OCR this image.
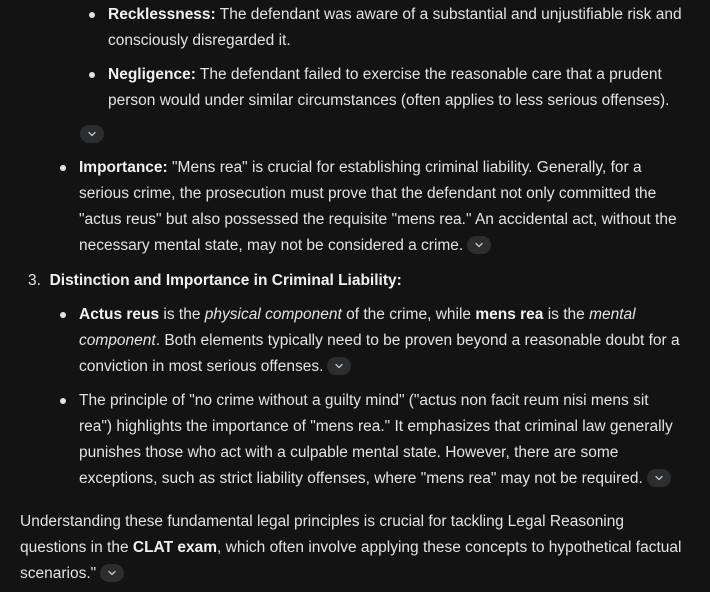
Recklessness: The defendant was aware of a substantial and unjustifiable risk and
consciously disregarded it.
Negligence: The defendant failed to exercise the reasonable care that a prudent
person would under similar circumstances (often applies to less serious offenses).
Importance: "Mens rea" is crucial for establishing criminal liability. Generally, for a
serious crime, the prosecution must prove that the defendant not only committed the
"actus reus" but also possessed the requisite "mens rea." An accidental act, without the
necessary mental state, may not be considered a crime.
3. Distinction and Importance in Criminal Liability:
Actus reus is the physical component of the crime, while mens rea is the mental
component. Both elements typically need to be proven beyond a reasonable doubt for a
conviction in most serious offenses.
The principle of "no crime without a guilty mind" ("actus non facit reum nisi mens sit
rea") highlights the importance of "mens rea." It emphasizes that criminal law generally
punishes those who act with a culpable mental state. However, there are some
exceptions, such as strict liability offenses, where "mens rea" may not be required.
Understanding these fundamental legal principles is crucial for tackling Legal Reasoning
questions in the CLAT exam, which often involve applying these concepts to hypothetical factual
scenarios."
